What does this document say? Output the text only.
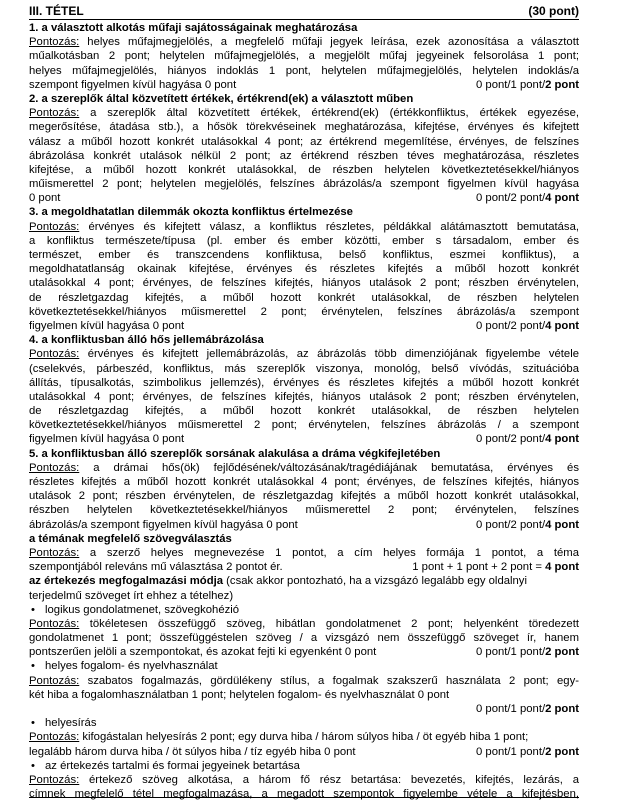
III. TÉTEL	(30 pont)
1. a választott alkotás műfaji sajátosságainak meghatározása
Pontozás: helyes műfajmegjelölés, a megfelelő műfaji jegyek leírása, ezek azonosítása a választott
műalkotásban 2 pont; helytelen műfajmegjelölés, a megjelölt műfaj jegyeinek felsorolása 1 pont;
helyes műfajmegjelölés, hiányos indoklás 1 pont, helytelen műfajmegjelölés, helytelen indoklás/a
szempont figyelmen kívül hagyása 0 pont	0 pont/1 pont/2 pont
2. a szereplők által közvetített értékek, értékrend(ek) a választott műben
Pontozás: a szereplők által közvetített értékek, értékrend(ek) (értékkonfliktus, értékek egyezése,
megerősítése, átadása stb.), a hősök törekvéseinek meghatározása, kifejtése, érvényes és kifejtett
válasz a műből hozott konkrét utalásokkal 4 pont; az értékrend megemlítése, érvényes, de felszínes
ábrázolása konkrét utalások nélkül 2 pont; az értékrend részben téves meghatározása, részletes
kifejtése, a műből hozott konkrét utalásokkal, de részben helytelen következtetésekkel/hiányos
műismerettel 2 pont; helytelen megjelölés, felszínes ábrázolás/a szempont figyelmen kívül hagyása
0 pont	0 pont/2 pont/4 pont
3. a megoldhatatlan dilemmák okozta konfliktus értelmezése
Pontozás: érvényes és kifejtett válasz, a konfliktus részletes, példákkal alátámasztott bemutatása,
a konfliktus természete/típusa (pl. ember és ember közötti, ember s társadalom, ember és
természet, ember és transzcendens konfliktusa, belső konfliktus, eszmei konfliktus), a
megoldhatatlanság okainak kifejtése, érvényes és részletes kifejtés a műből hozott konkrét
utalásokkal 4 pont; érvényes, de felszínes kifejtés, hiányos utalások 2 pont; részben érvénytelen,
de részletgazdag kifejtés, a műből hozott konkrét utalásokkal, de részben helytelen
következtetésekkel/hiányos műismerettel 2 pont; érvénytelen, felszínes ábrázolás/a szempont
figyelmen kívül hagyása 0 pont	0 pont/2 pont/4 pont
4. a konfliktusban álló hős jellemábrázolása
Pontozás: érvényes és kifejtett jellemábrázolás, az ábrázolás több dimenziójának figyelembe vétele
(cselekvés, párbeszéd, konfliktus, más szereplők viszonya, monológ, belső vívódás, szituációba
állítás, típusalkotás, szimbolikus jellemzés), érvényes és részletes kifejtés a műből hozott konkrét
utalásokkal 4 pont; érvényes, de felszínes kifejtés, hiányos utalások 2 pont; részben érvénytelen,
de részletgazdag kifejtés, a műből hozott konkrét utalásokkal, de részben helytelen
következtetésekkel/hiányos műismerettel 2 pont; érvénytelen, felszínes ábrázolás / a szempont
figyelmen kívül hagyása 0 pont	0 pont/2 pont/4 pont
5. a konfliktusban álló szereplők sorsának alakulása a dráma végkifejletében
Pontozás: a drámai hős(ök) fejlődésének/változásának/tragédiájának bemutatása, érvényes és
részletes kifejtés a műből hozott konkrét utalásokkal 4 pont; érvényes, de felszínes kifejtés, hiányos
utalások 2 pont; részben érvénytelen, de részletgazdag kifejtés a műből hozott konkrét utalásokkal,
részben helytelen következtetésekkel/hiányos műismerettel 2 pont; érvénytelen, felszínes
ábrázolás/a szempont figyelmen kívül hagyása 0 pont	0 pont/2 pont/4 pont
a témának megfelelő szövegválasztás
Pontozás: a szerző helyes megnevezése 1 pontot, a cím helyes formája 1 pontot, a téma
szempontjából releváns mű választása 2 pontot ér.	1 pont + 1 pont + 2 pont = 4 pont
az értekezés megfogalmazási módja (csak akkor pontozható, ha a vizsgázó legalább egy oldalnyi
terjedelmű szöveget írt ehhez a tételhez)
• logikus gondolatmenet, szövegkohézió
Pontozás: tökéletesen összefüggő szöveg, hibátlan gondolatmenet 2 pont; helyenként töredezett
gondolatmenet 1 pont; összefüggéstelen szöveg / a vizsgázó nem összefüggő szöveget ír, hanem
pontszerűen jelöli a szempontokat, és azokat fejti ki egyenként 0 pont	0 pont/1 pont/2 pont
• helyes fogalom- és nyelvhasználat
Pontozás: szabatos fogalmazás, gördülékeny stílus, a fogalmak szakszerű használata 2 pont; egy-
két hiba a fogalomhasználatban 1 pont; helytelen fogalom- és nyelvhasználat 0 pont
0 pont/1 pont/2 pont
• helyesírás
Pontozás: kifogástalan helyesírás 2 pont; egy durva hiba / három súlyos hiba / öt egyéb hiba 1 pont;
legalább három durva hiba / öt súlyos hiba / tíz egyéb hiba 0 pont	0 pont/1 pont/2 pont
• az értekezés tartalmi és formai jegyeinek betartása
Pontozás: értekező szöveg alkotása, a három fő rész betartása: bevezetés, kifejtés, lezárás, a
címnek megfelelő tétel megfogalmazása, a megadott szempontok figyelembe vétele a kifejtésben,
